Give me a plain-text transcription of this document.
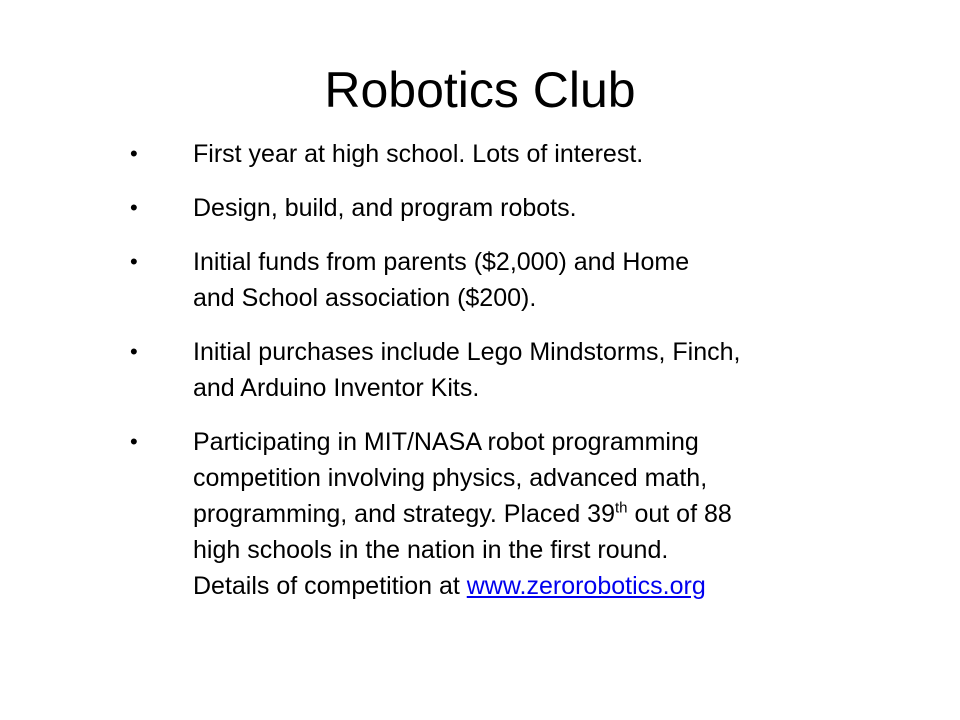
Robotics Club
•	First year at high school. Lots of interest.
•	Design, build, and program robots.
•	Initial funds from parents ($2,000) and Home
and School association ($200).
•	Initial purchases include Lego Mindstorms, Finch,
and Arduino Inventor Kits.
•	Participating in MIT/NASA robot programming
competition involving physics, advanced math,
programming, and strategy. Placed 39th out of 88
high schools in the nation in the first round.
Details of competition at www.zerorobotics.org
